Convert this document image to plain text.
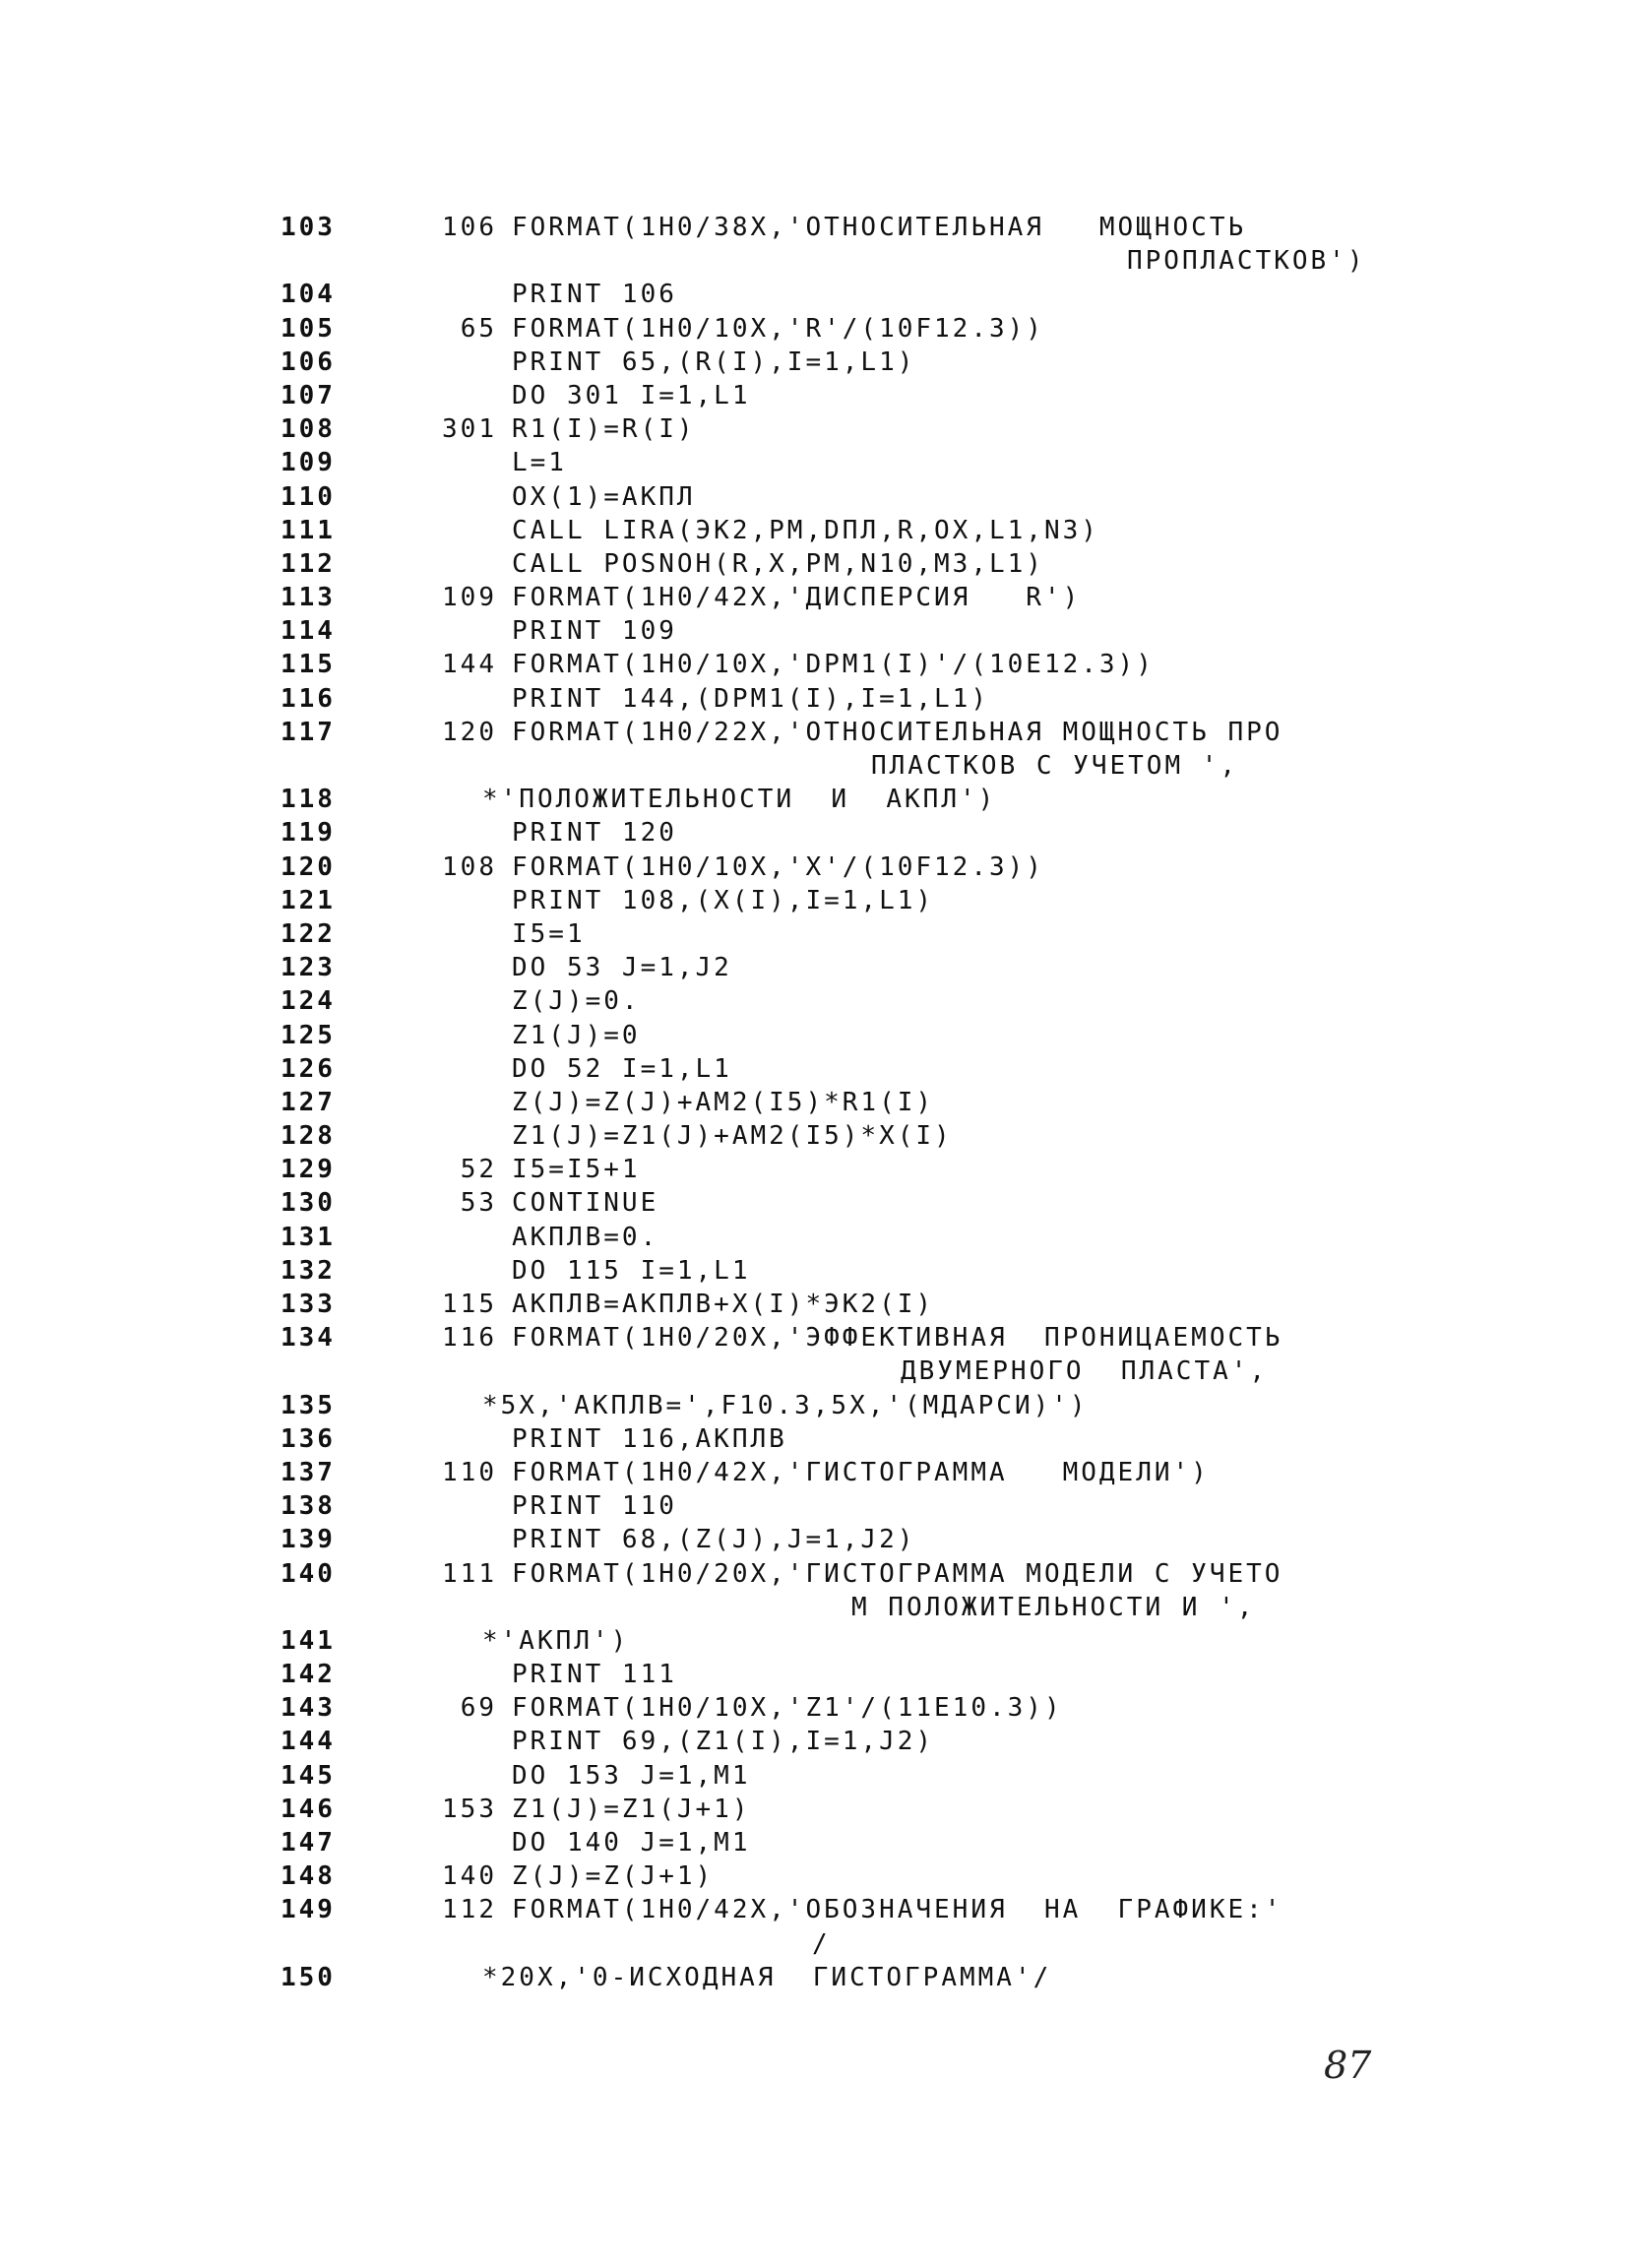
103	106 FORMAT(1H0/38X,'ОТНОСИТЕЛЬНАЯ   МОЩНОСТЬ
ПРОПЛАСТКОВ')
104	PRINT 106
105	65 FORMAT(1H0/10X,'R'/(10F12.3))
106	PRINT 65,(R(I),I=1,L1)
107	DO 301 I=1,L1
108	301 R1(I)=R(I)
109	L=1
110	OX(1)=АКПЛ
111	CALL LIRA(ЭК2,PM,DПЛ,R,OX,L1,N3)
112	CALL POSNOH(R,X,PM,N10,M3,L1)
113	109 FORMAT(1H0/42X,'ДИСПЕРСИЯ   R')
114	PRINT 109
115	144 FORMAT(1H0/10X,'DPM1(I)'/(10E12.3))
116	PRINT 144,(DPM1(I),I=1,L1)
117	120 FORMAT(1H0/22X,'ОТНОСИТЕЛЬНАЯ МОЩНОСТЬ ПРО
ПЛАСТКОВ С УЧЕТОМ ',
118	*'ПОЛОЖИТЕЛЬНОСТИ  И  АКПЛ')
119	PRINT 120
120	108 FORMAT(1H0/10X,'X'/(10F12.3))
121	PRINT 108,(X(I),I=1,L1)
122	I5=1
123	DO 53 J=1,J2
124	Z(J)=0.
125	Z1(J)=0
126	DO 52 I=1,L1
127	Z(J)=Z(J)+AM2(I5)*R1(I)
128	Z1(J)=Z1(J)+AM2(I5)*X(I)
129	52 I5=I5+1
130	53 CONTINUE
131	АКПЛВ=0.
132	DO 115 I=1,L1
133	115 АКПЛВ=АКПЛВ+X(I)*ЭК2(I)
134	116 FORMAT(1H0/20X,'ЭФФЕКТИВНАЯ  ПРОНИЦАЕМОСТЬ
ДВУМЕРНОГО  ПЛАСТА',
135	*5X,'АКПЛВ=',F10.3,5X,'(МДАРСИ)')
136	PRINT 116,АКПЛВ
137	110 FORMAT(1H0/42X,'ГИСТОГРАММА   МОДЕЛИ')
138	PRINT 110
139	PRINT 68,(Z(J),J=1,J2)
140	111 FORMAT(1H0/20X,'ГИСТОГРАММА МОДЕЛИ С УЧЕТО
М ПОЛОЖИТЕЛЬНОСТИ И ',
141	*'АКПЛ')
142	PRINT 111
143	69 FORMAT(1H0/10X,'Z1'/(11E10.3))
144	PRINT 69,(Z1(I),I=1,J2)
145	DO 153 J=1,M1
146	153 Z1(J)=Z1(J+1)
147	DO 140 J=1,M1
148	140 Z(J)=Z(J+1)
149	112 FORMAT(1H0/42X,'ОБОЗНАЧЕНИЯ  НА  ГРАФИКЕ:'
/
150	*20X,'0-ИСХОДНАЯ  ГИСТОГРАММА'/
87
